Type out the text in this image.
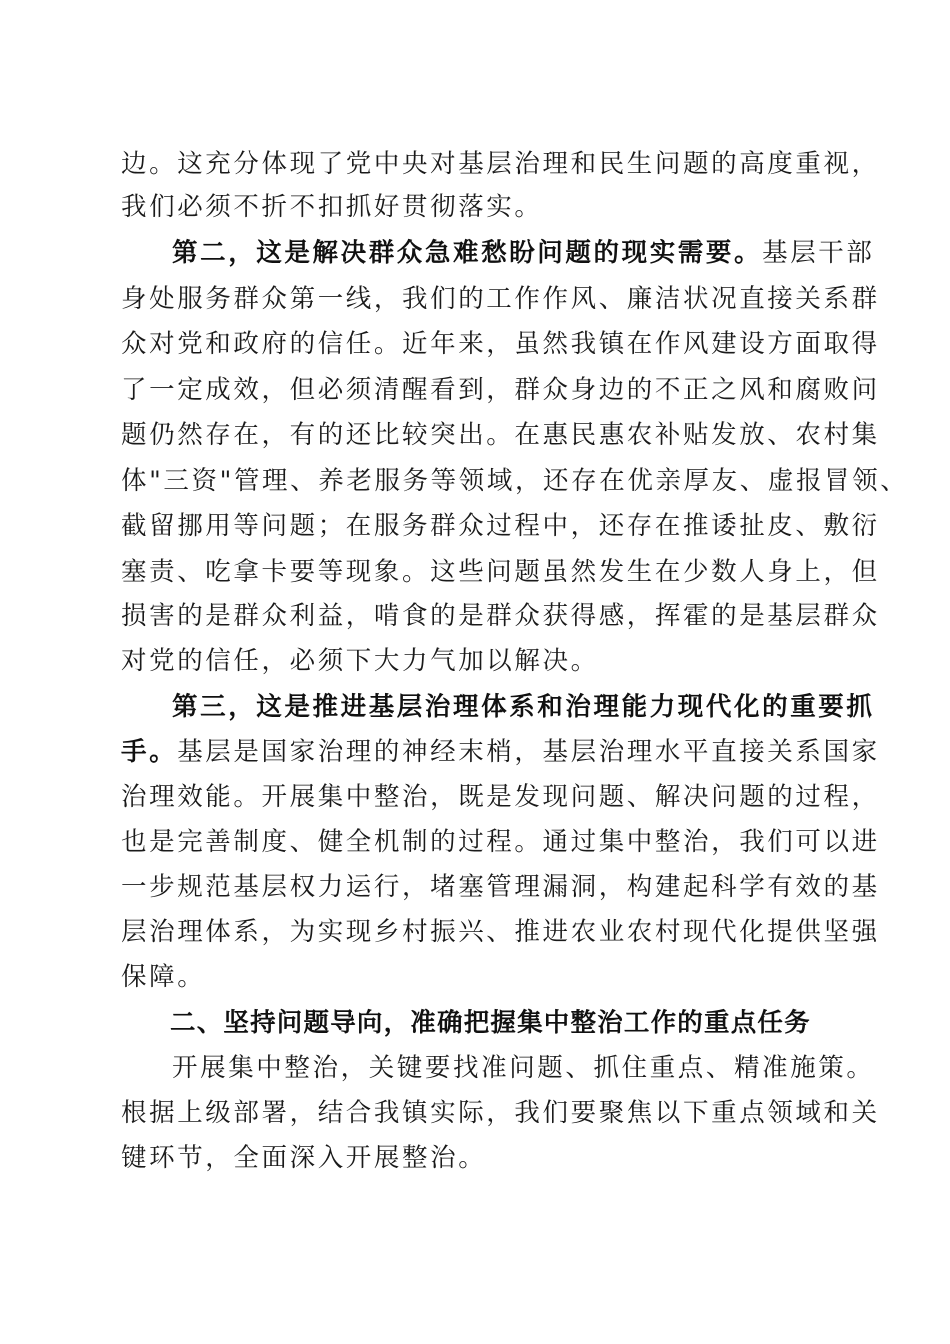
边。这充分体现了党中央对基层治理和民生问题的高度重视，
我们必须不折不扣抓好贯彻落实。
第二，这是解决群众急难愁盼问题的现实需要。基层干部
身处服务群众第一线，我们的工作作风、廉洁状况直接关系群
众对党和政府的信任。近年来，虽然我镇在作风建设方面取得
了一定成效，但必须清醒看到，群众身边的不正之风和腐败问
题仍然存在，有的还比较突出。在惠民惠农补贴发放、农村集
体"三资"管理、养老服务等领域，还存在优亲厚友、虚报冒领、
截留挪用等问题；在服务群众过程中，还存在推诿扯皮、敷衍
塞责、吃拿卡要等现象。这些问题虽然发生在少数人身上，但
损害的是群众利益，啃食的是群众获得感，挥霍的是基层群众
对党的信任，必须下大力气加以解决。
第三，这是推进基层治理体系和治理能力现代化的重要抓
手。基层是国家治理的神经末梢，基层治理水平直接关系国家
治理效能。开展集中整治，既是发现问题、解决问题的过程，
也是完善制度、健全机制的过程。通过集中整治，我们可以进
一步规范基层权力运行，堵塞管理漏洞，构建起科学有效的基
层治理体系，为实现乡村振兴、推进农业农村现代化提供坚强
保障。
二、坚持问题导向，准确把握集中整治工作的重点任务
开展集中整治，关键要找准问题、抓住重点、精准施策。
根据上级部署，结合我镇实际，我们要聚焦以下重点领域和关
键环节，全面深入开展整治。
